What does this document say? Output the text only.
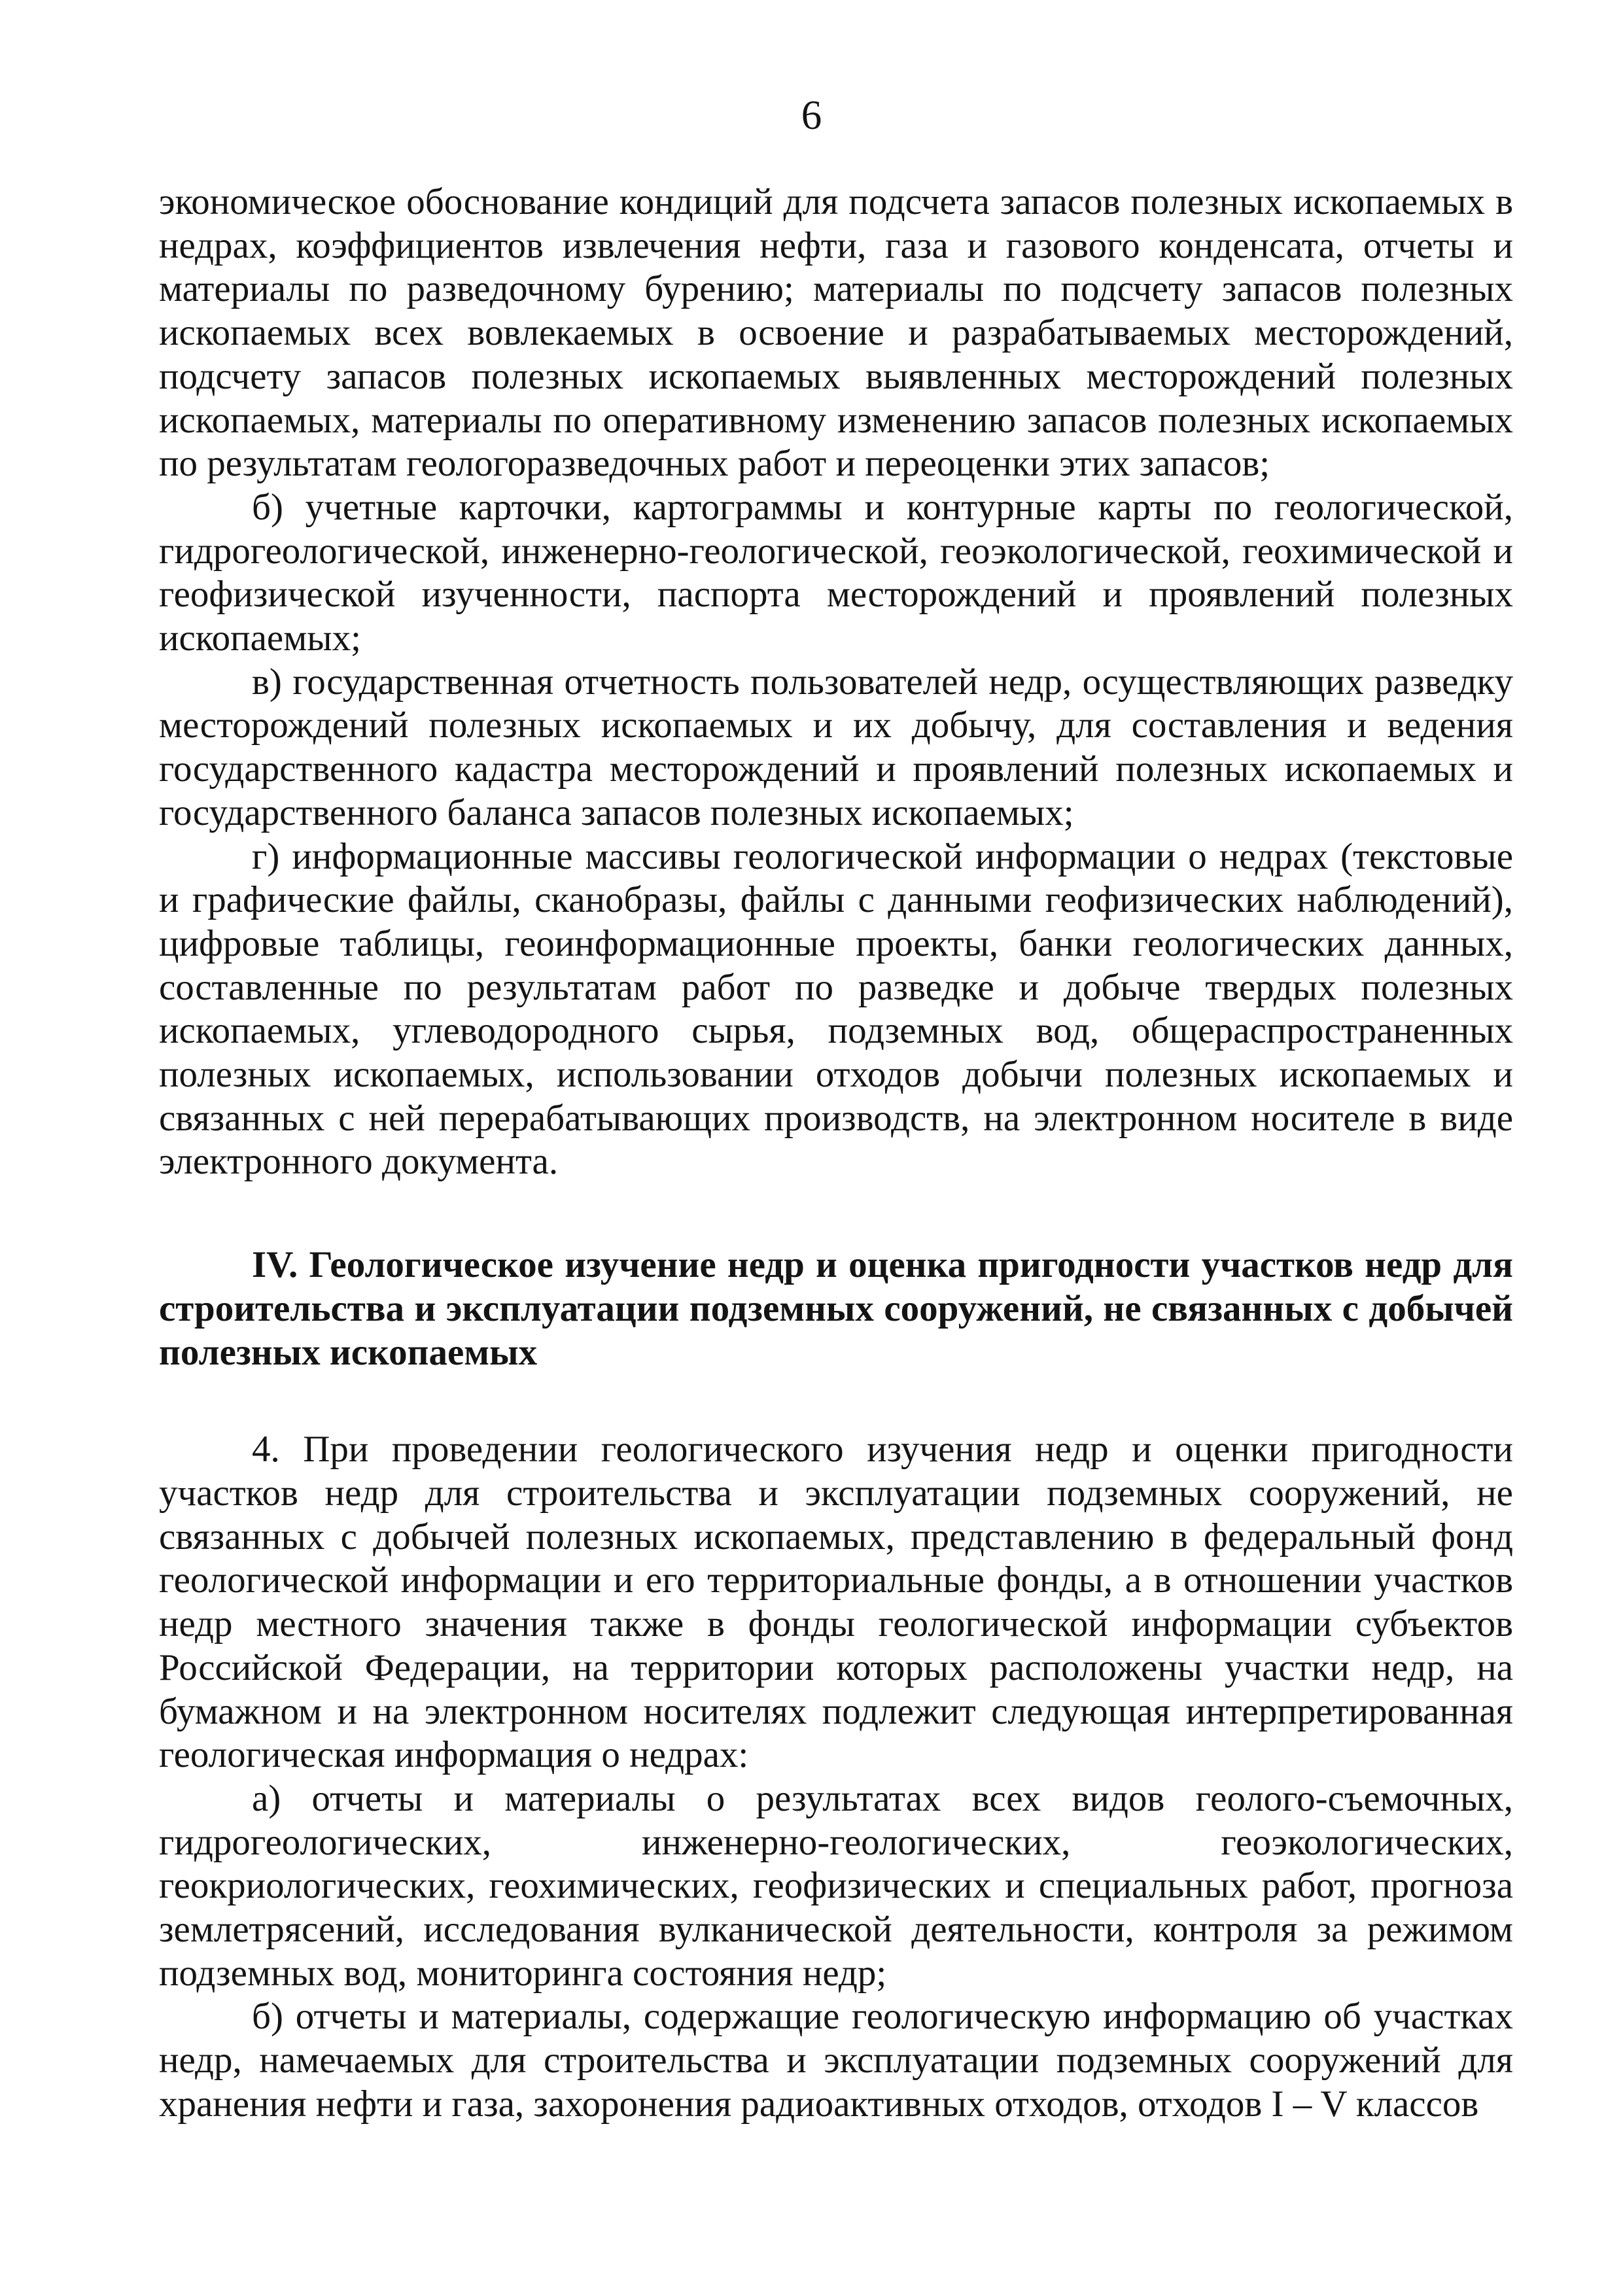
6

экономическое обоснование кондиций для подсчета запасов полезных ископаемых в недрах, коэффициентов извлечения нефти, газа и газового конденсата, отчеты и материалы по разведочному бурению; материалы по подсчету запасов полезных ископаемых всех вовлекаемых в освоение и разрабатываемых месторождений, подсчету запасов полезных ископаемых выявленных месторождений полезных ископаемых, материалы по оперативному изменению запасов полезных ископаемых по результатам геологоразведочных работ и переоценки этих запасов;

б) учетные карточки, картограммы и контурные карты по геологической, гидрогеологической, инженерно-геологической, геоэкологической, геохимической и геофизической изученности, паспорта месторождений и проявлений полезных ископаемых;

в) государственная отчетность пользователей недр, осуществляющих разведку месторождений полезных ископаемых и их добычу, для составления и ведения государственного кадастра месторождений и проявлений полезных ископаемых и государственного баланса запасов полезных ископаемых;

г) информационные массивы геологической информации о недрах (текстовые и графические файлы, сканобразы, файлы с данными геофизических наблюдений), цифровые таблицы, геоинформационные проекты, банки геологических данных, составленные по результатам работ по разведке и добыче твердых полезных ископаемых, углеводородного сырья, подземных вод, общераспространенных полезных ископаемых, использовании отходов добычи полезных ископаемых и связанных с ней перерабатывающих производств, на электронном носителе в виде электронного документа.

IV. Геологическое изучение недр и оценка пригодности участков недр для строительства и эксплуатации подземных сооружений, не связанных с добычей полезных ископаемых

4. При проведении геологического изучения недр и оценки пригодности участков недр для строительства и эксплуатации подземных сооружений, не связанных с добычей полезных ископаемых, представлению в федеральный фонд геологической информации и его территориальные фонды, а в отношении участков недр местного значения также в фонды геологической информации субъектов Российской Федерации, на территории которых расположены участки недр, на бумажном и на электронном носителях подлежит следующая интерпретированная геологическая информация о недрах:

а) отчеты и материалы о результатах всех видов геолого-съемочных, гидрогеологических, инженерно-геологических, геоэкологических, геокриологических, геохимических, геофизических и специальных работ, прогноза землетрясений, исследования вулканической деятельности, контроля за режимом подземных вод, мониторинга состояния недр;

б) отчеты и материалы, содержащие геологическую информацию об участках недр, намечаемых для строительства и эксплуатации подземных сооружений для хранения нефти и газа, захоронения радиоактивных отходов, отходов I – V классов
